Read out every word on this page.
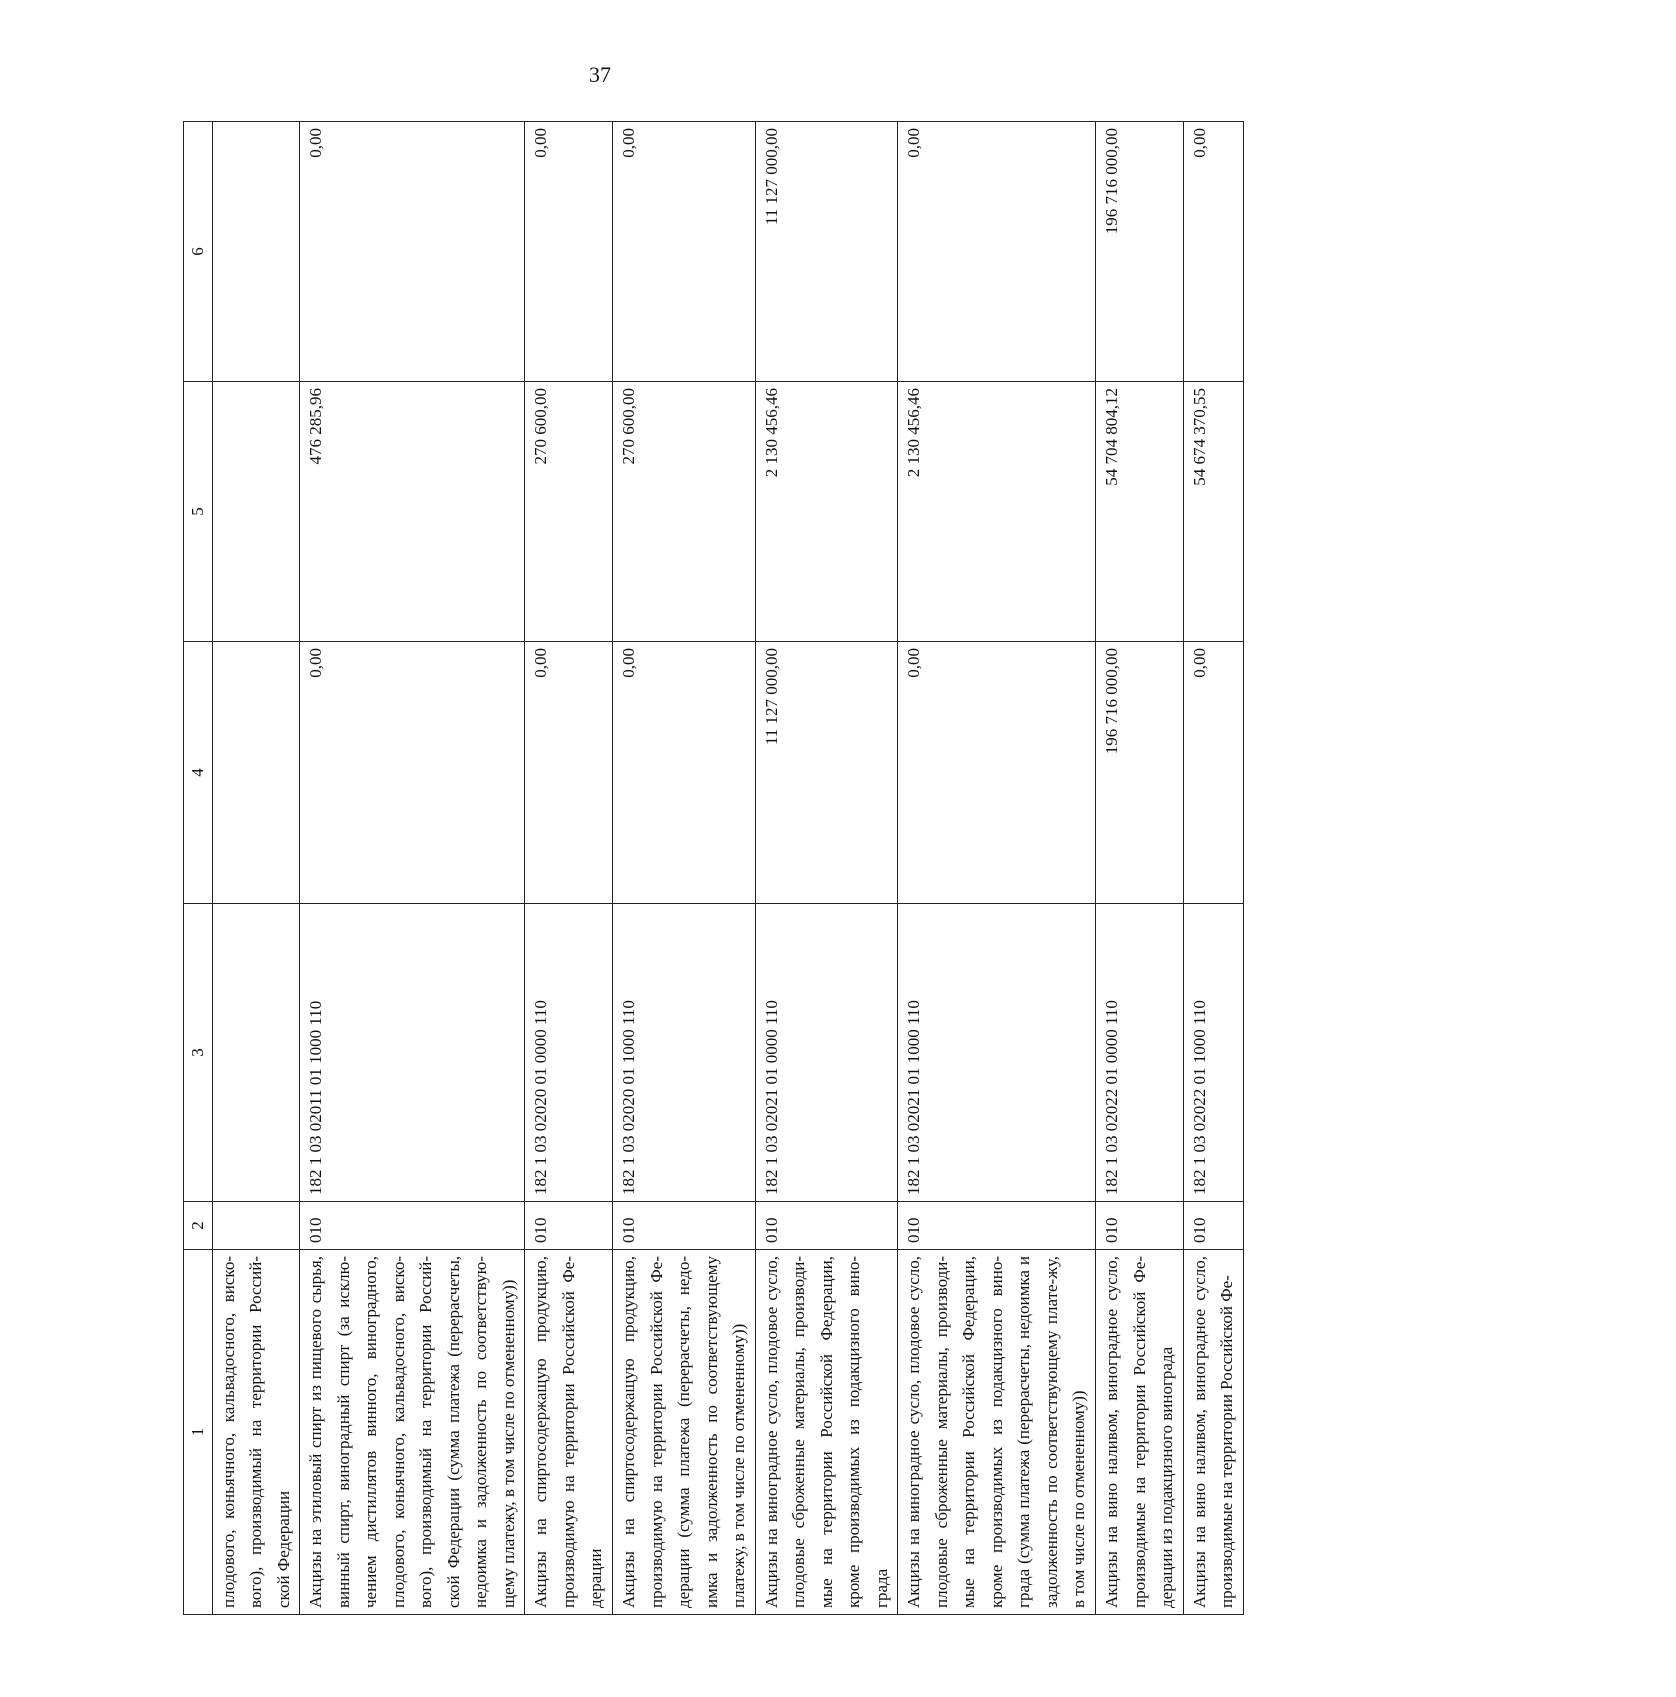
37
1	2	3	4	5	6
плодового, коньячного, кальвадосного, виско-вого), производимый на территории Россий-ской Федерации					
Акцизы на этиловый спирт из пищевого сырья, винный спирт, виноградный спирт (за исклю-чением дистиллятов винного, виноградного, плодового, коньячного, кальвадосного, виско-вого), производимый на территории Россий-ской Федерации (сумма платежа (перерасчеты, недоимка и задолженность по соответствую-щему платежу, в том числе по отмененному))	010	182 1 03 02011 01 1000 110	0,00	476 285,96	0,00
Акцизы на спиртосодержащую продукцию, производимую на территории Российской Фе-дерации	010	182 1 03 02020 01 0000 110	0,00	270 600,00	0,00
Акцизы на спиртосодержащую продукцию, производимую на территории Российской Фе-дерации (сумма платежа (перерасчеты, недо-имка и задолженность по соответствующему платежу, в том числе по отмененному))	010	182 1 03 02020 01 1000 110	0,00	270 600,00	0,00
Акцизы на виноградное сусло, плодовое сусло, плодовые сброженные материалы, производи-мые на территории Российской Федерации, кроме производимых из подакцизного вино-града	010	182 1 03 02021 01 0000 110	11 127 000,00	2 130 456,46	11 127 000,00
Акцизы на виноградное сусло, плодовое сусло, плодовые сброженные материалы, производи-мые на территории Российской Федерации, кроме производимых из подакцизного вино-града (сумма платежа (перерасчеты, недоимка и задолженность по соответствующему плате-жу, в том числе по отмененному))	010	182 1 03 02021 01 1000 110	0,00	2 130 456,46	0,00
Акцизы на вино наливом, виноградное сусло, производимые на территории Российской Фе-дерации из подакцизного винограда	010	182 1 03 02022 01 0000 110	196 716 000,00	54 704 804,12	196 716 000,00
Акцизы на вино наливом, виноградное сусло, производимые на территории Российской Фе-	010	182 1 03 02022 01 1000 110	0,00	54 674 370,55	0,00
